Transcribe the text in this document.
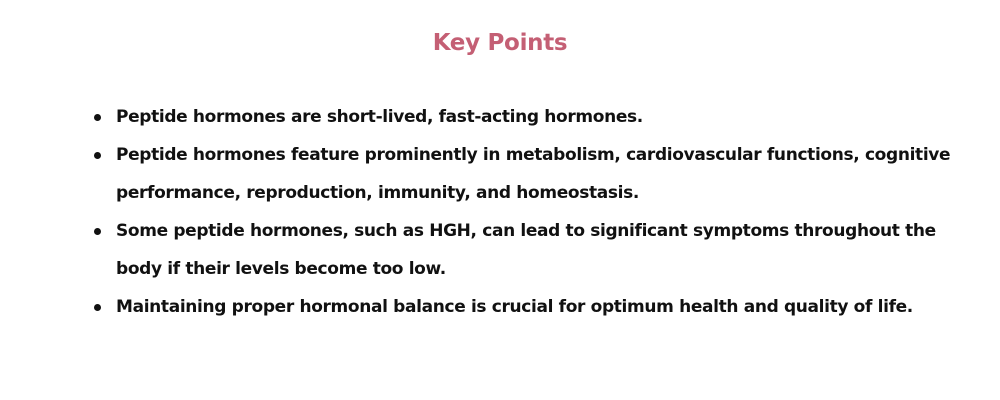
Key Points
Peptide hormones are short-lived, fast-acting hormones.
Peptide hormones feature prominently in metabolism, cardiovascular functions, cognitive performance, reproduction, immunity, and homeostasis.
Some peptide hormones, such as HGH, can lead to significant symptoms throughout the body if their levels become too low.
Maintaining proper hormonal balance is crucial for optimum health and quality of life.
